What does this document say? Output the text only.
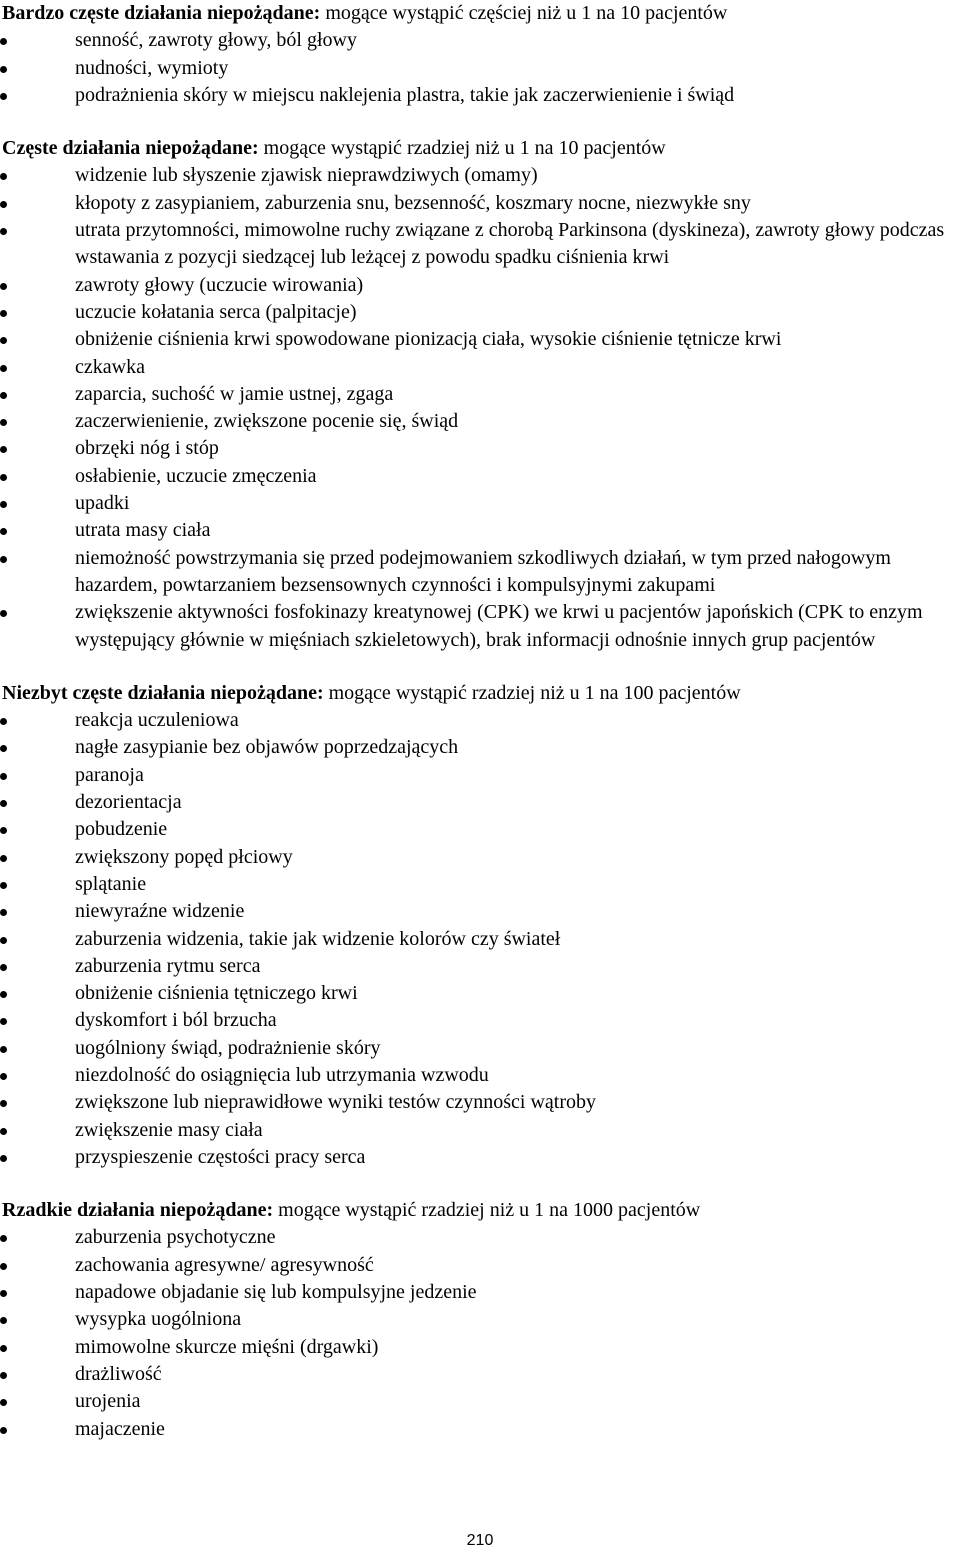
Bardzo częste działania niepożądane: mogące wystąpić częściej niż u 1 na 10 pacjentów

senność, zawroty głowy, ból głowy
nudności, wymioty
podrażnienia skóry w miejscu naklejenia plastra, takie jak zaczerwienienie i świąd

Częste działania niepożądane: mogące wystąpić rzadziej niż u 1 na 10 pacjentów

widzenie lub słyszenie zjawisk nieprawdziwych (omamy)
kłopoty z zasypianiem, zaburzenia snu, bezsenność, koszmary nocne, niezwykłe sny
utrata przytomności, mimowolne ruchy związane z chorobą Parkinsona (dyskineza), zawroty głowy podczas wstawania z pozycji siedzącej lub leżącej z powodu spadku ciśnienia krwi
zawroty głowy (uczucie wirowania)
uczucie kołatania serca (palpitacje)
obniżenie ciśnienia krwi spowodowane pionizacją ciała, wysokie ciśnienie tętnicze krwi
czkawka
zaparcia, suchość w jamie ustnej, zgaga
zaczerwienienie, zwiększone pocenie się, świąd
obrzęki nóg i stóp
osłabienie, uczucie zmęczenia
upadki
utrata masy ciała
niemożność powstrzymania się przed podejmowaniem szkodliwych działań, w tym przed nałogowym hazardem, powtarzaniem bezsensownych czynności i kompulsyjnymi zakupami
zwiększenie aktywności fosfokinazy kreatynowej (CPK) we krwi u pacjentów japońskich (CPK to enzym występujący głównie w mięśniach szkieletowych), brak informacji odnośnie innych grup pacjentów

Niezbyt częste działania niepożądane: mogące wystąpić rzadziej niż u 1 na 100 pacjentów

reakcja uczuleniowa
nagłe zasypianie bez objawów poprzedzających
paranoja
dezorientacja
pobudzenie
zwiększony popęd płciowy
splątanie
niewyraźne widzenie
zaburzenia widzenia, takie jak widzenie kolorów czy świateł
zaburzenia rytmu serca
obniżenie ciśnienia tętniczego krwi
dyskomfort i ból brzucha
uogólniony świąd, podrażnienie skóry
niezdolność do osiągnięcia lub utrzymania wzwodu
zwiększone lub nieprawidłowe wyniki testów czynności wątroby
zwiększenie masy ciała
przyspieszenie częstości pracy serca

Rzadkie działania niepożądane: mogące wystąpić rzadziej niż u 1 na 1000 pacjentów

zaburzenia psychotyczne
zachowania agresywne/ agresywność
napadowe objadanie się lub kompulsyjne jedzenie
wysypka uogólniona
mimowolne skurcze mięśni (drgawki)
drażliwość
urojenia
majaczenie
210
